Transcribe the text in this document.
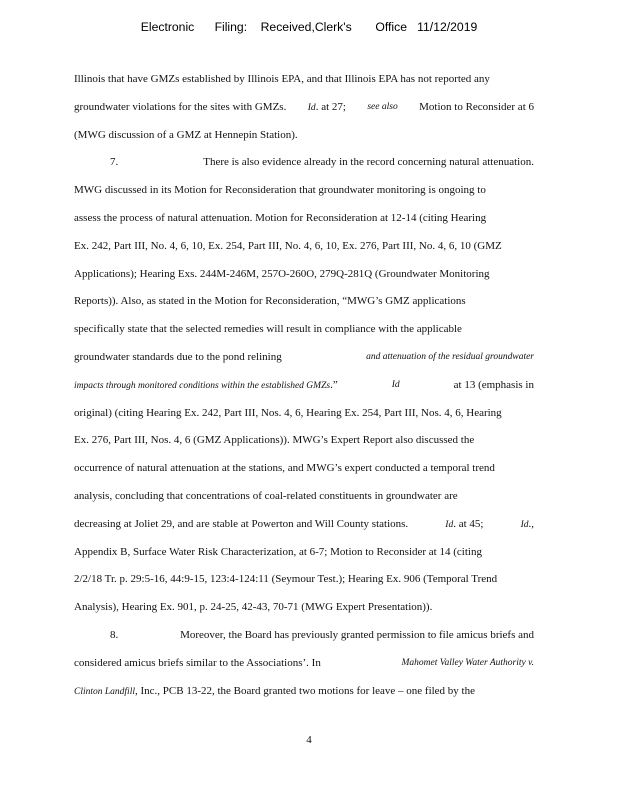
Electronic      Filing:    Received,Clerk's       Office   11/12/2019
Illinois that have GMZs established by Illinois EPA, and that Illinois EPA has not reported any
groundwater violations for the sites with GMZs. Id. at 27; see also Motion to Reconsider at 6
(MWG discussion of a GMZ at Hennepin Station).
7.	There is also evidence already in the record concerning natural attenuation.
MWG discussed in its Motion for Reconsideration that groundwater monitoring is ongoing to
assess the process of natural attenuation. Motion for Reconsideration at 12-14 (citing Hearing
Ex. 242, Part III, No. 4, 6, 10, Ex. 254, Part III, No. 4, 6, 10, Ex. 276, Part III, No. 4, 6, 10 (GMZ
Applications); Hearing Exs. 244M-246M, 257O-260O, 279Q-281Q (Groundwater Monitoring
Reports)). Also, as stated in the Motion for Reconsideration, “MWG’s GMZ applications
specifically state that the selected remedies will result in compliance with the applicable
groundwater standards due to the pond relining	and attenuation of the residual groundwater
impacts through monitored conditions within the established GMZs.”	Id	at 13 (emphasis in
original) (citing Hearing Ex. 242, Part III, Nos. 4, 6, Hearing Ex. 254, Part III, Nos. 4, 6, Hearing
Ex. 276, Part III, Nos. 4, 6 (GMZ Applications)). MWG’s Expert Report also discussed the
occurrence of natural attenuation at the stations, and MWG’s expert conducted a temporal trend
analysis, concluding that concentrations of coal-related constituents in groundwater are
decreasing at Joliet 29, and are stable at Powerton and Will County stations.	Id. at 45;	Id.,
Appendix B, Surface Water Risk Characterization, at 6-7; Motion to Reconsider at 14 (citing
2/2/18 Tr. p. 29:5-16, 44:9-15, 123:4-124:11 (Seymour Test.); Hearing Ex. 906 (Temporal Trend
Analysis), Hearing Ex. 901, p. 24-25, 42-43, 70-71 (MWG Expert Presentation)).
8.	Moreover, the Board has previously granted permission to file amicus briefs and
considered amicus briefs similar to the Associations’. In	Mahomet Valley Water Authority v.
Clinton Landfill, Inc., PCB 13-22, the Board granted two motions for leave – one filed by the
4
